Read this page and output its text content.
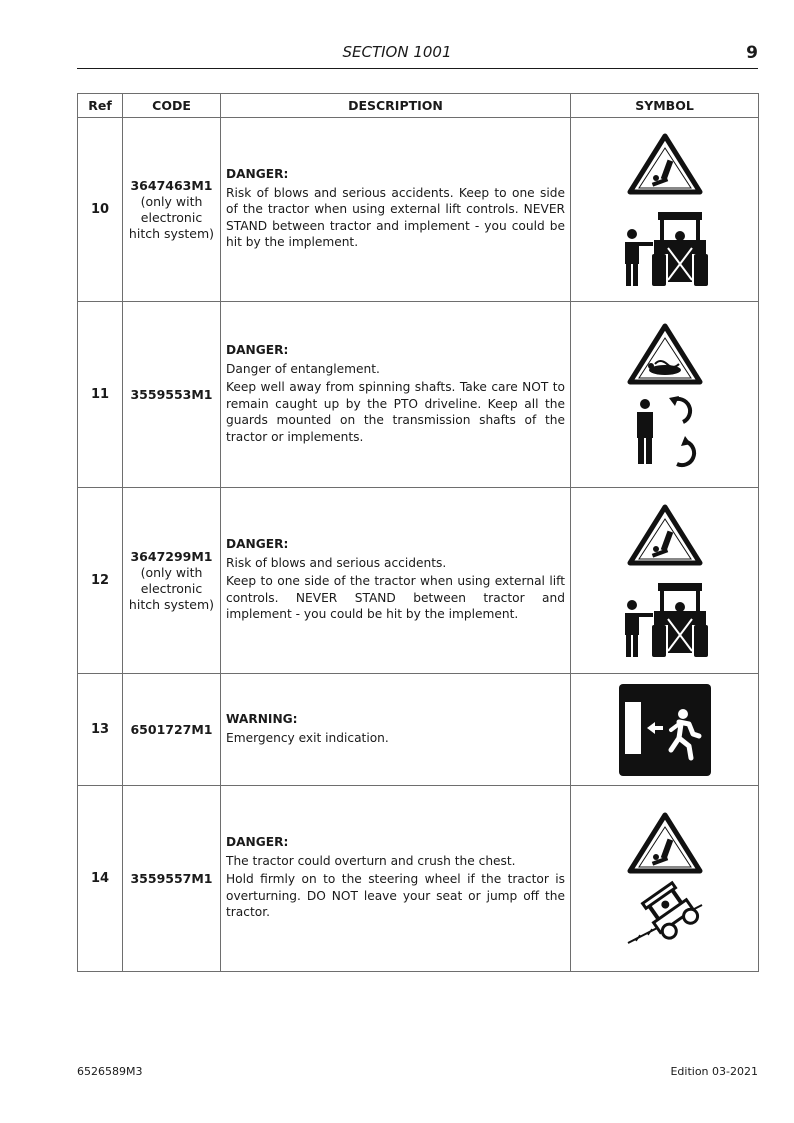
SECTION 1001	9
Ref	CODE	DESCRIPTION	SYMBOL
10	3647463M1
(only with
electronic
hitch system)	DANGER:
Risk of blows and serious accidents. Keep to one side of the tractor when using external lift controls. NEVER STAND between tractor and implement - you could be hit by the implement.

11	3559553M1	DANGER:
Danger of entanglement.
Keep well away from spinning shafts. Take care NOT to remain caught up by the PTO driveline. Keep all the guards mounted on the transmission shafts of the tractor or implements.

12	3647299M1
(only with
electronic
hitch system)	DANGER:
Risk of blows and serious accidents.
Keep to one side of the tractor when using external lift controls. NEVER STAND between tractor and implement - you could be hit by the implement.

13	6501727M1	WARNING:
Emergency exit indication.

14	3559557M1	DANGER:
The tractor could overturn and crush the chest.
Hold firmly on to the steering wheel if the tractor is overturning. DO NOT leave your seat or jump off the tractor.

6526589M3	Edition 03-2021
